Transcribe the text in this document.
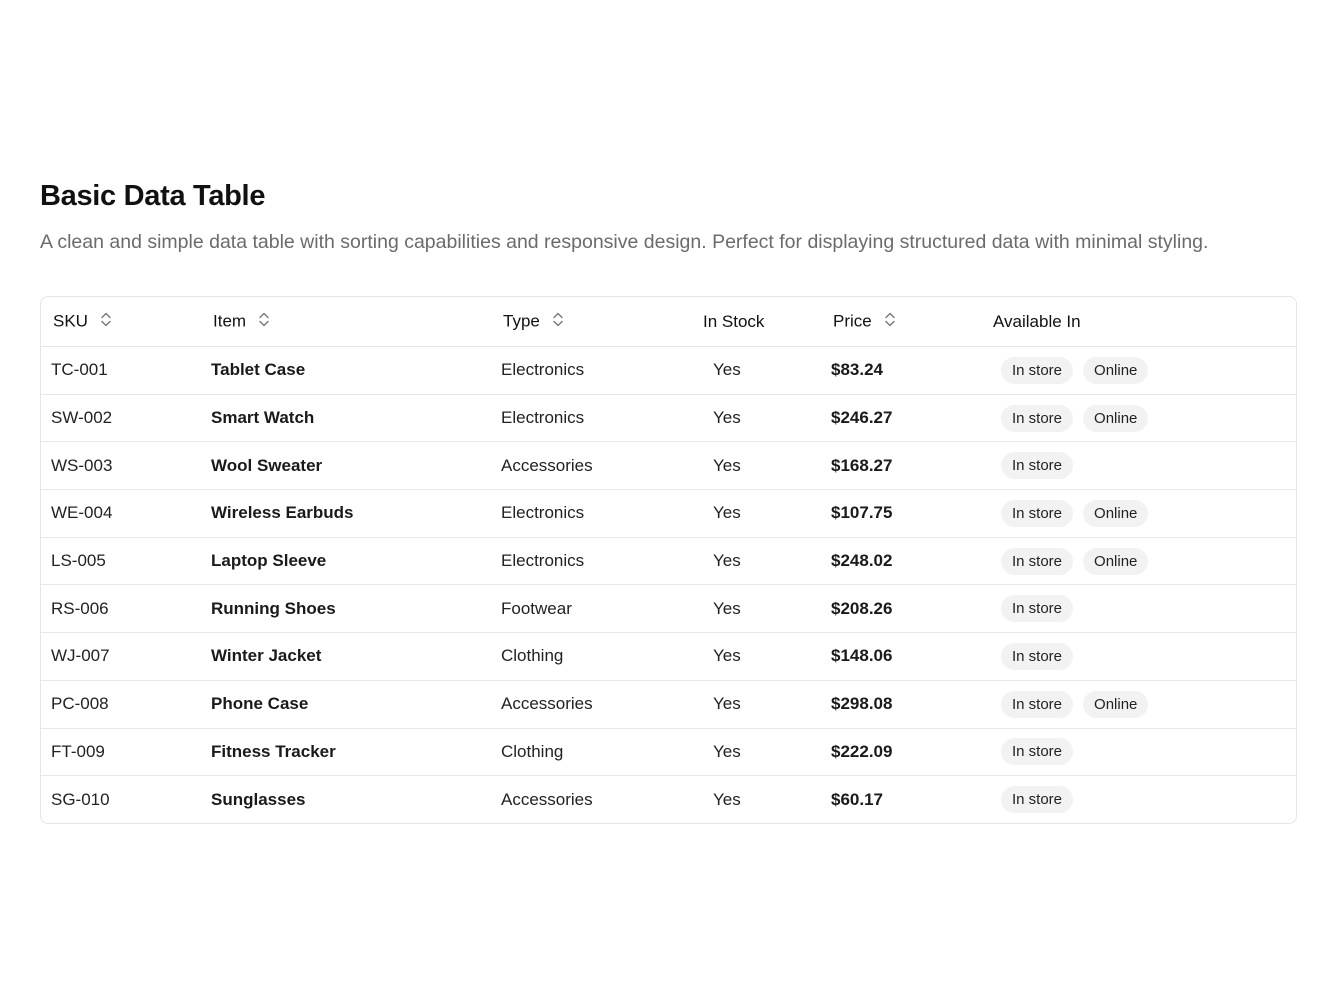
Basic Data Table

A clean and simple data table with sorting capabilities and responsive design. Perfect for displaying structured data with minimal styling.

SKU	Item	Type	In Stock	Price	Available In
TC-001	Tablet Case	Electronics	Yes	$83.24	In store Online
SW-002	Smart Watch	Electronics	Yes	$246.27	In store Online
WS-003	Wool Sweater	Accessories	Yes	$168.27	In store
WE-004	Wireless Earbuds	Electronics	Yes	$107.75	In store Online
LS-005	Laptop Sleeve	Electronics	Yes	$248.02	In store Online
RS-006	Running Shoes	Footwear	Yes	$208.26	In store
WJ-007	Winter Jacket	Clothing	Yes	$148.06	In store
PC-008	Phone Case	Accessories	Yes	$298.08	In store Online
FT-009	Fitness Tracker	Clothing	Yes	$222.09	In store
SG-010	Sunglasses	Accessories	Yes	$60.17	In store
